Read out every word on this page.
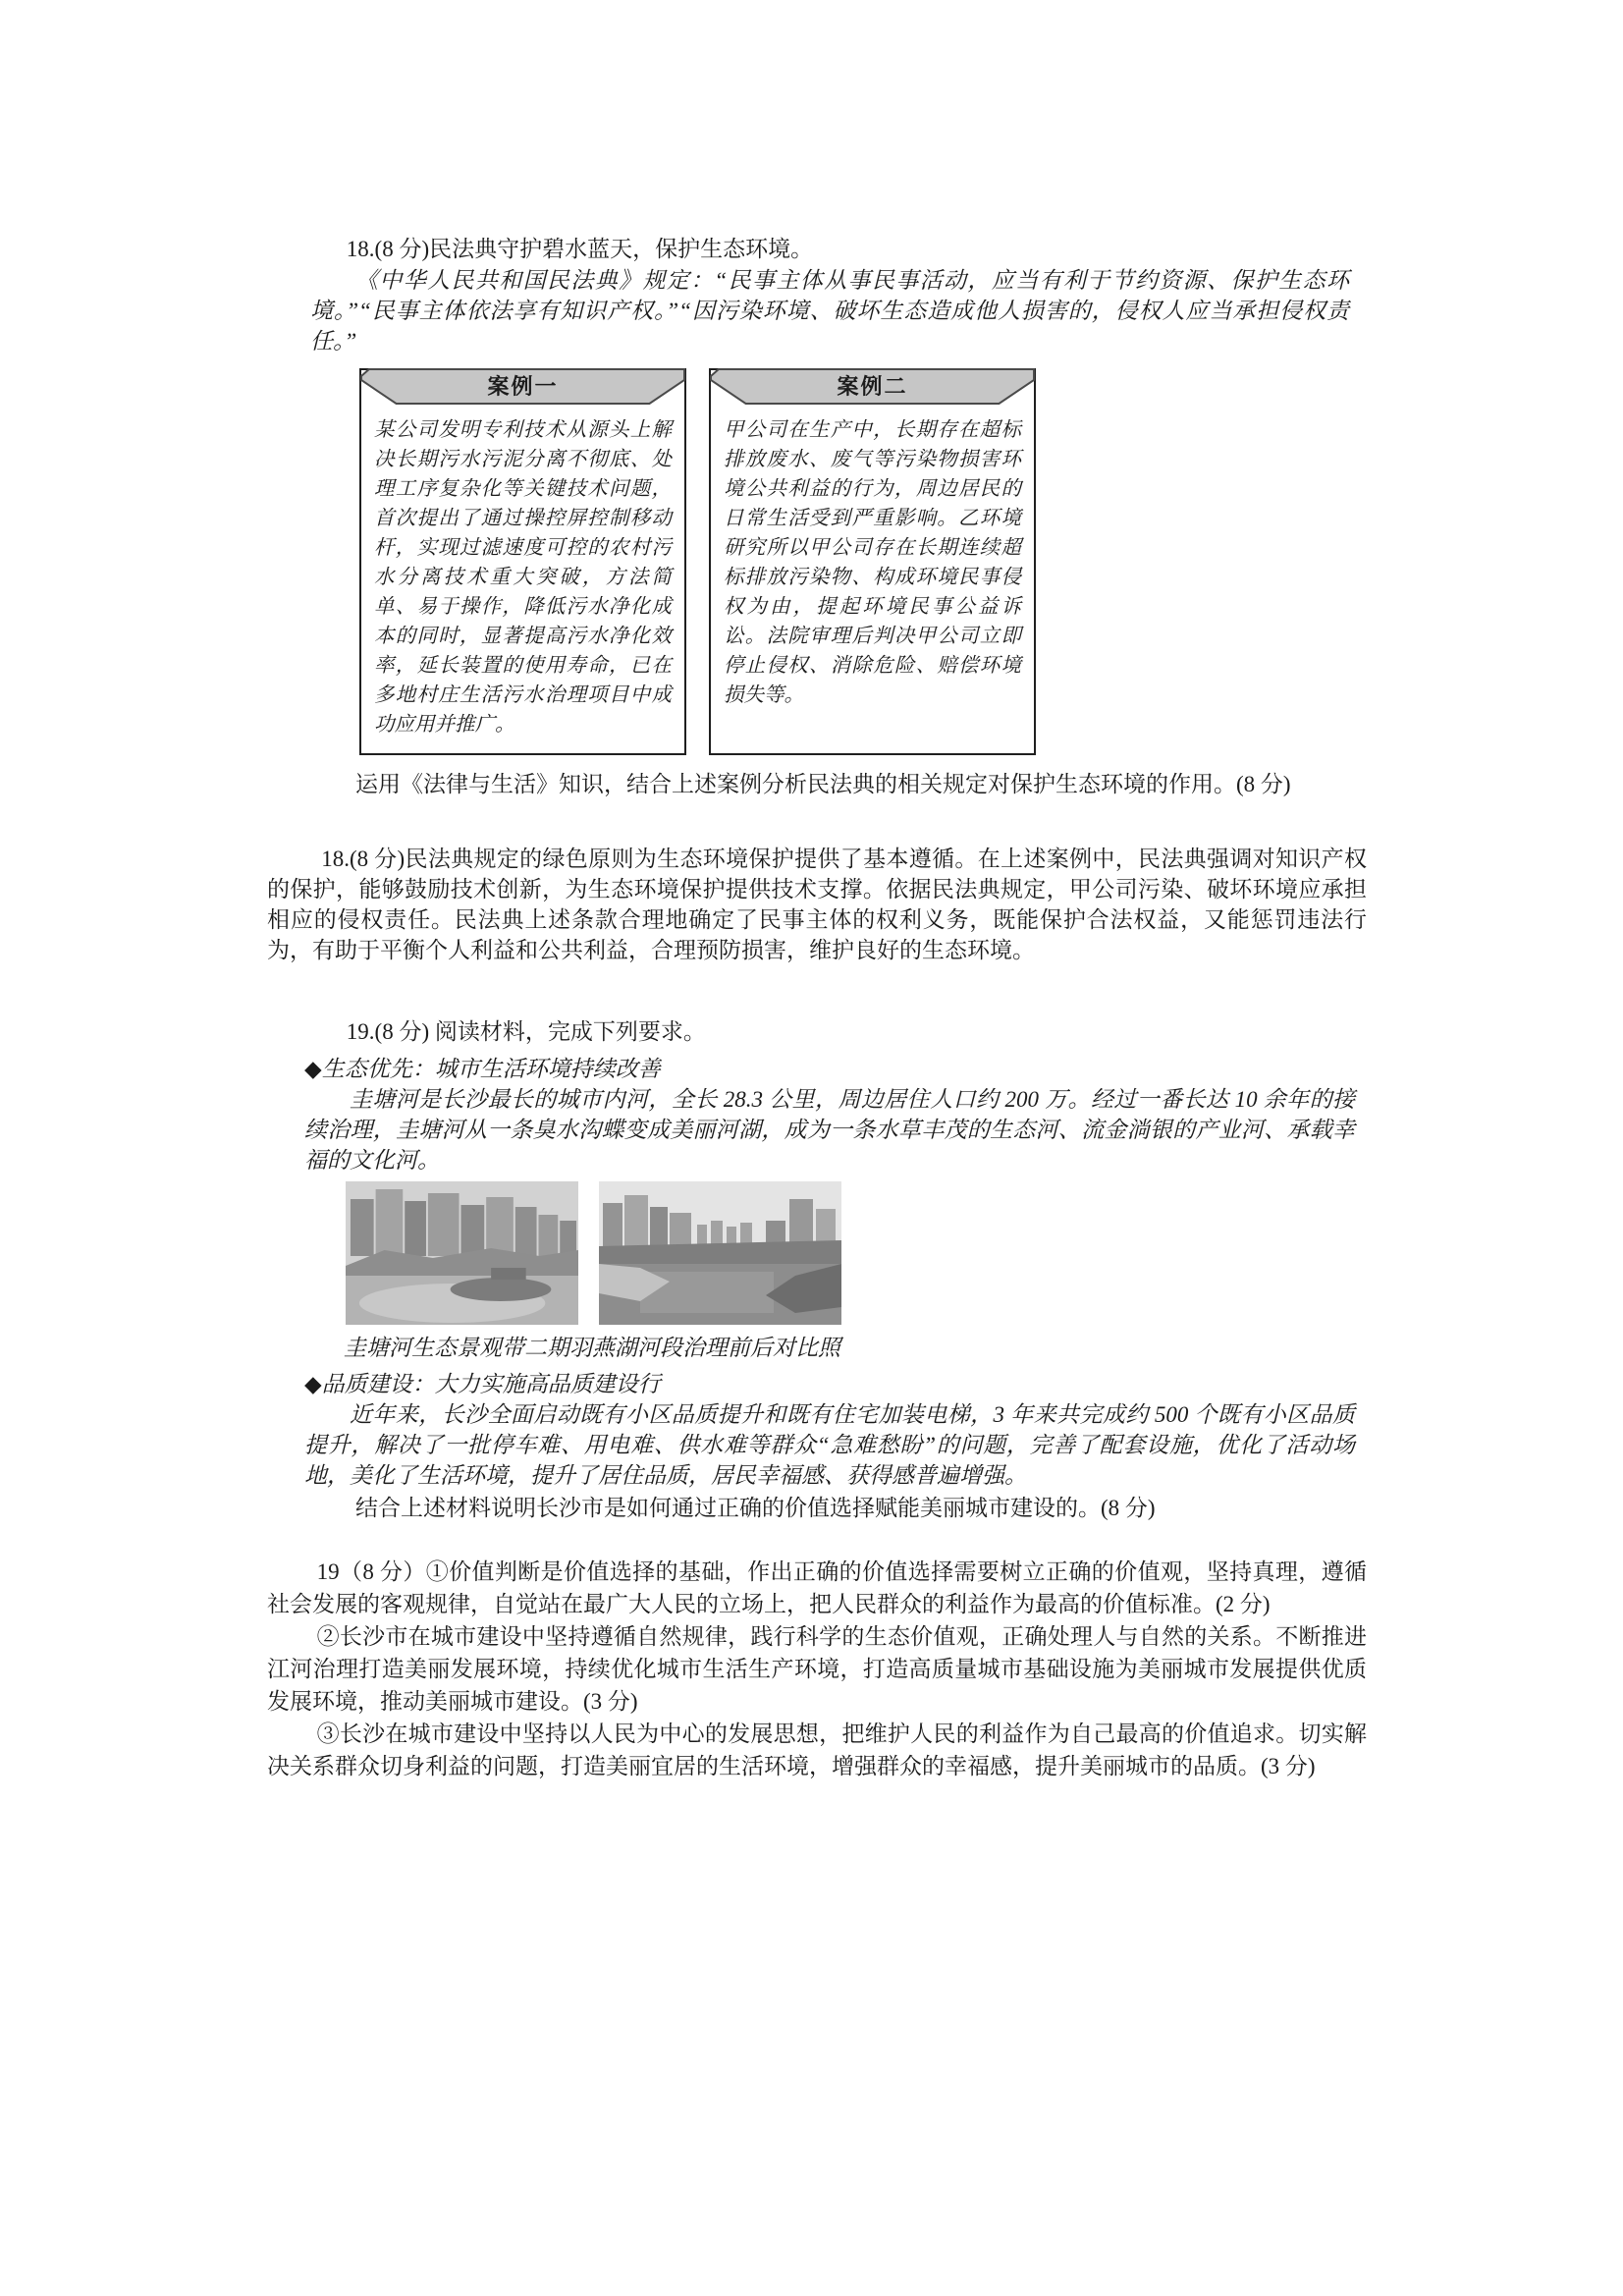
18.(8 分)民法典守护碧水蓝天，保护生态环境。

《中华人民共和国民法典》规定：“民事主体从事民事活动，应当有利于节约资源、保护生态环境。”“民事主体依法享有知识产权。”“因污染环境、破坏生态造成他人损害的，侵权人应当承担侵权责任。”

案例一

某公司发明专利技术从源头上解决长期污水污泥分离不彻底、处理工序复杂化等关键技术问题，首次提出了通过操控屏控制移动杆，实现过滤速度可控的农村污水分离技术重大突破，方法简单、易于操作，降低污水净化成本的同时，显著提高污水净化效率，延长装置的使用寿命，已在多地村庄生活污水治理项目中成功应用并推广。

案例二

甲公司在生产中，长期存在超标排放废水、废气等污染物损害环境公共利益的行为，周边居民的日常生活受到严重影响。乙环境研究所以甲公司存在长期连续超标排放污染物、构成环境民事侵权为由，提起环境民事公益诉讼。法院审理后判决甲公司立即停止侵权、消除危险、赔偿环境损失等。

运用《法律与生活》知识，结合上述案例分析民法典的相关规定对保护生态环境的作用。(8 分)

18.(8 分)民法典规定的绿色原则为生态环境保护提供了基本遵循。在上述案例中，民法典强调对知识产权的保护，能够鼓励技术创新，为生态环境保护提供技术支撑。依据民法典规定，甲公司污染、破坏环境应承担相应的侵权责任。民法典上述条款合理地确定了民事主体的权利义务，既能保护合法权益，又能惩罚违法行为，有助于平衡个人利益和公共利益，合理预防损害，维护良好的生态环境。

19.(8 分) 阅读材料，完成下列要求。

◆生态优先：城市生活环境持续改善

圭塘河是长沙最长的城市内河，全长 28.3 公里，周边居住人口约 200 万。经过一番长达 10 余年的接续治理，圭塘河从一条臭水沟蝶变成美丽河湖，成为一条水草丰茂的生态河、流金淌银的产业河、承载幸福的文化河。

圭塘河生态景观带二期羽燕湖河段治理前后对比照

◆品质建设：大力实施高品质建设行

近年来，长沙全面启动既有小区品质提升和既有住宅加装电梯，3 年来共完成约 500 个既有小区品质提升，解决了一批停车难、用电难、供水难等群众“急难愁盼”的问题，完善了配套设施，优化了活动场地，美化了生活环境，提升了居住品质，居民幸福感、获得感普遍增强。

结合上述材料说明长沙市是如何通过正确的价值选择赋能美丽城市建设的。(8 分)

19（8 分）①价值判断是价值选择的基础，作出正确的价值选择需要树立正确的价值观，坚持真理，遵循社会发展的客观规律，自觉站在最广大人民的立场上，把人民群众的利益作为最高的价值标准。(2 分)

②长沙市在城市建设中坚持遵循自然规律，践行科学的生态价值观，正确处理人与自然的关系。不断推进江河治理打造美丽发展环境，持续优化城市生活生产环境，打造高质量城市基础设施为美丽城市发展提供优质发展环境，推动美丽城市建设。(3 分)

③长沙在城市建设中坚持以人民为中心的发展思想，把维护人民的利益作为自己最高的价值追求。切实解决关系群众切身利益的问题，打造美丽宜居的生活环境，增强群众的幸福感，提升美丽城市的品质。(3 分)
